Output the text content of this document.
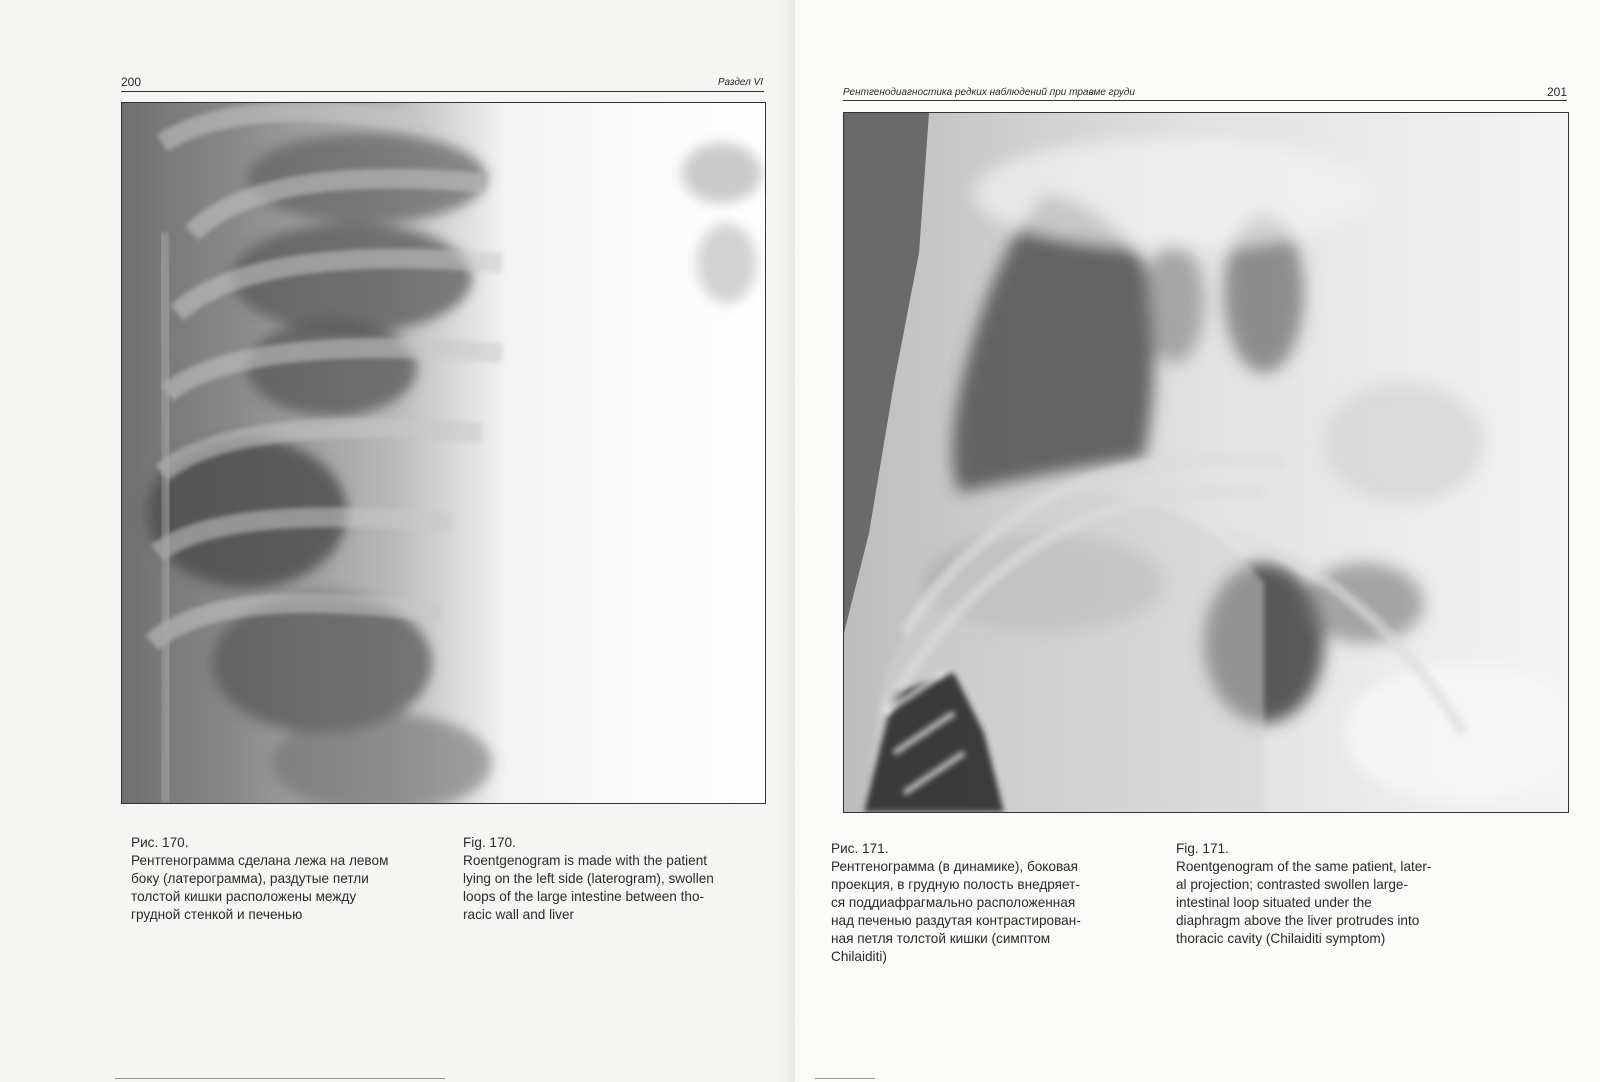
200	Раздел VI
Рис. 170.
Рентгенограмма сделана лежа на левом
боку (латерограмма), раздутые петли
толстой кишки расположены между
грудной стенкой и печенью
Fig. 170.
Roentgenogram is made with the patient
lying on the left side (laterogram), swollen
loops of the large intestine between tho-
racic wall and liver
Рентгенодиагностика редких наблюдений при травме груди	201
Рис. 171.
Рентгенограмма (в динамике), боковая
проекция, в грудную полость внедряет-
ся поддиафрагмально расположенная
над печенью раздутая контрастирован-
ная петля толстой кишки (симптом
Chilaiditi)
Fig. 171.
Roentgenogram of the same patient, later-
al projection; contrasted swollen large-
intestinal loop situated under the
diaphragm above the liver protrudes into
thoracic cavity (Chilaiditi symptom)
